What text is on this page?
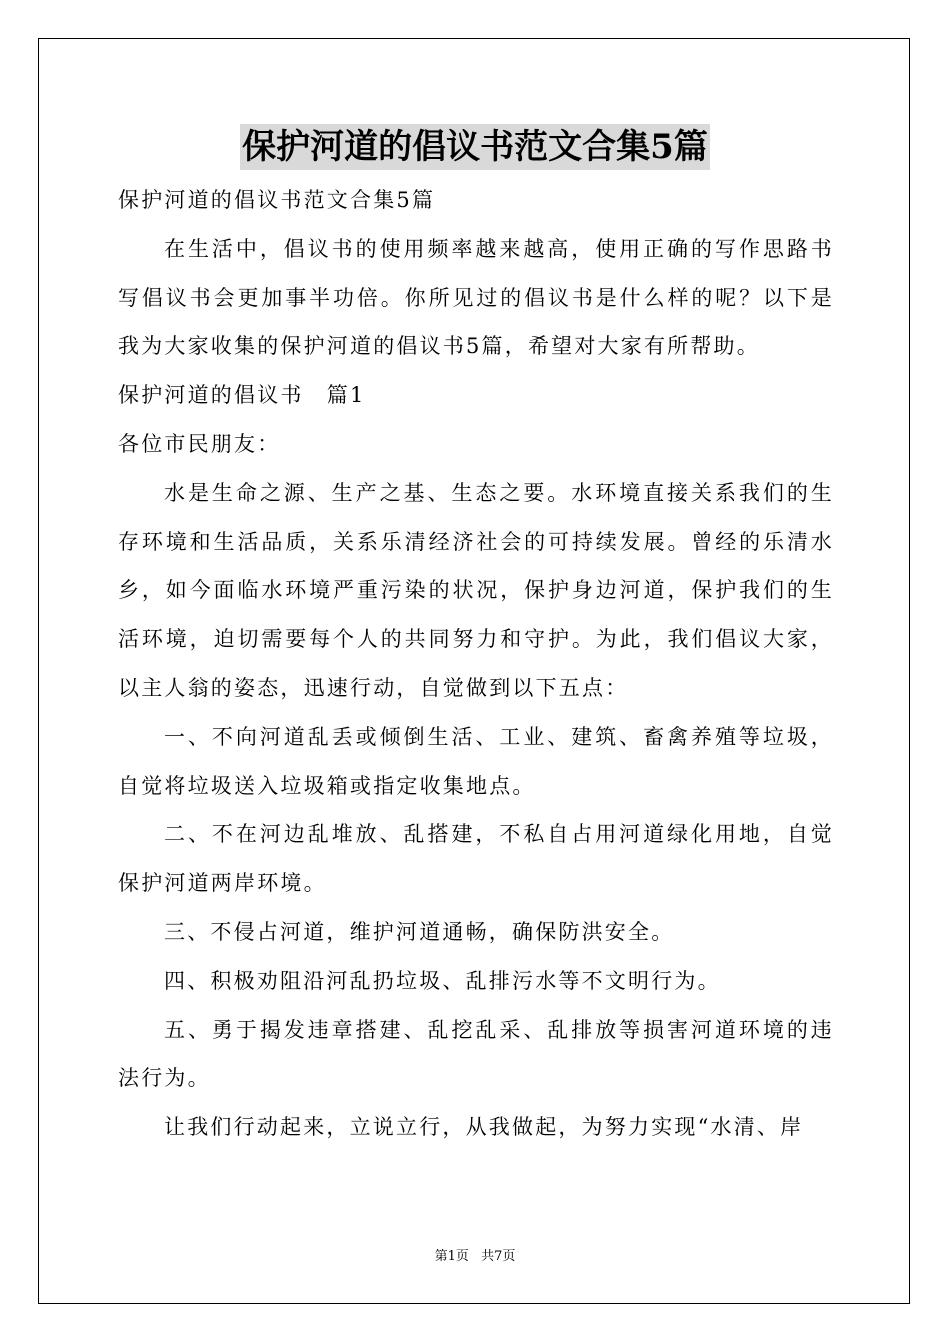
保护河道的倡议书范文合集5篇

保护河道的倡议书范文合集5篇

在生活中，倡议书的使用频率越来越高，使用正确的写作思路书写倡议书会更加事半功倍。你所见过的倡议书是什么样的呢？以下是我为大家收集的保护河道的倡议书5篇，希望对大家有所帮助。

保护河道的倡议书　篇1

各位市民朋友：

水是生命之源、生产之基、生态之要。水环境直接关系我们的生存环境和生活品质，关系乐清经济社会的可持续发展。曾经的乐清水乡，如今面临水环境严重污染的状况，保护身边河道，保护我们的生活环境，迫切需要每个人的共同努力和守护。为此，我们倡议大家，以主人翁的姿态，迅速行动，自觉做到以下五点：

一、不向河道乱丢或倾倒生活、工业、建筑、畜禽养殖等垃圾，自觉将垃圾送入垃圾箱或指定收集地点。

二、不在河边乱堆放、乱搭建，不私自占用河道绿化用地，自觉保护河道两岸环境。

三、不侵占河道，维护河道通畅，确保防洪安全。

四、积极劝阻沿河乱扔垃圾、乱排污水等不文明行为。

五、勇于揭发违章搭建、乱挖乱采、乱排放等损害河道环境的违法行为。

让我们行动起来，立说立行，从我做起，为努力实现“水清、岸

第1页 共7页
